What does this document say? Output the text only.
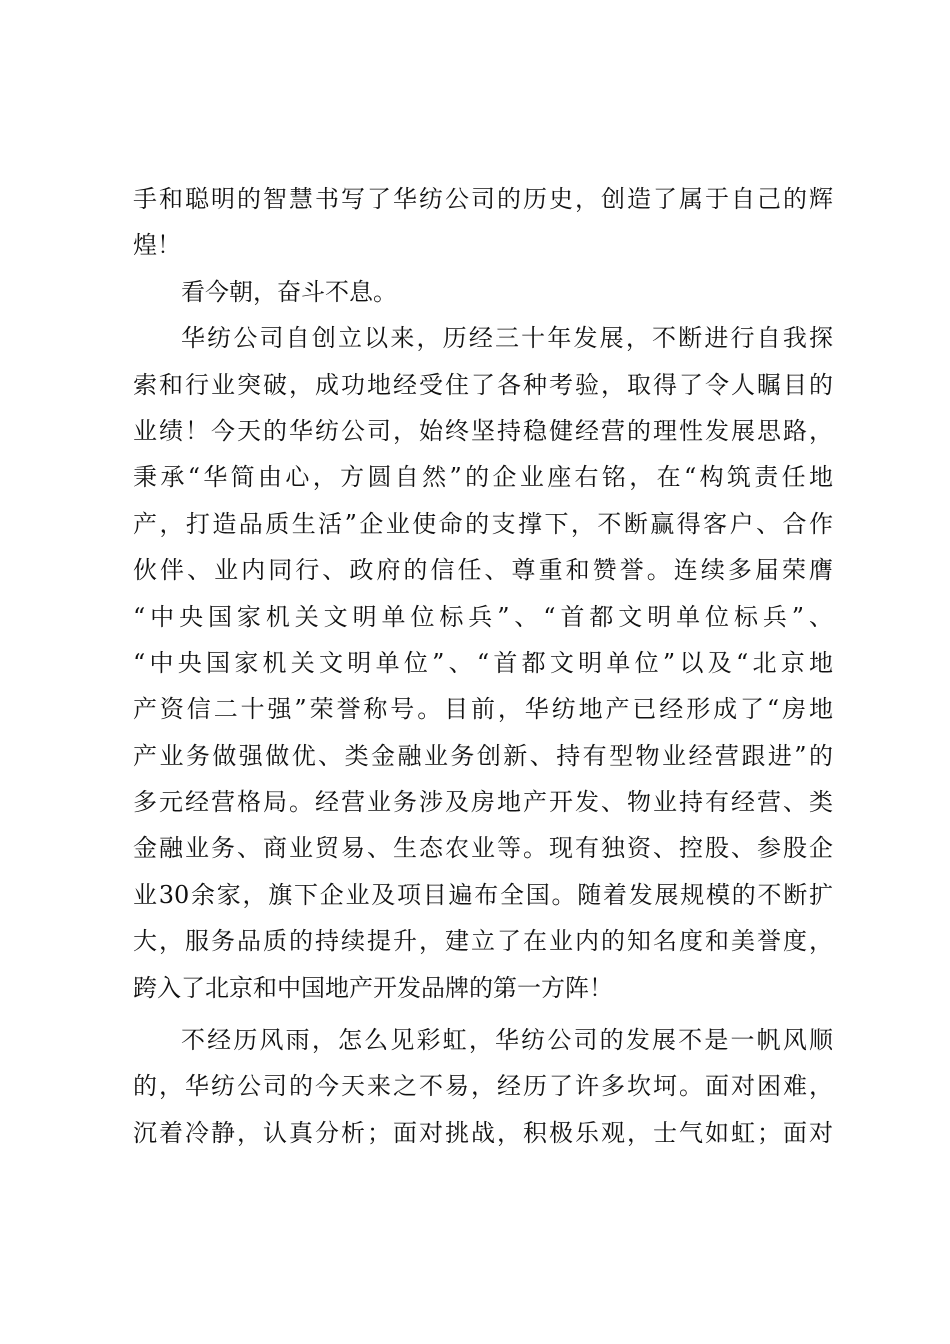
手和聪明的智慧书写了华纺公司的历史，创造了属于自己的辉
煌！
看今朝，奋斗不息。
华纺公司自创立以来，历经三十年发展，不断进行自我探
索和行业突破，成功地经受住了各种考验，取得了令人瞩目的
业绩！今天的华纺公司，始终坚持稳健经营的理性发展思路，
秉承“华简由心，方圆自然”的企业座右铭，在“构筑责任地
产，打造品质生活”企业使命的支撑下，不断赢得客户、合作
伙伴、业内同行、政府的信任、尊重和赞誉。连续多届荣膺
“中央国家机关文明单位标兵”、“首都文明单位标兵”、
“中央国家机关文明单位”、“首都文明单位”以及“北京地
产资信二十强”荣誉称号。目前，华纺地产已经形成了“房地
产业务做强做优、类金融业务创新、持有型物业经营跟进”的
多元经营格局。经营业务涉及房地产开发、物业持有经营、类
金融业务、商业贸易、生态农业等。现有独资、控股、参股企
业30余家，旗下企业及项目遍布全国。随着发展规模的不断扩
大，服务品质的持续提升，建立了在业内的知名度和美誉度，
跨入了北京和中国地产开发品牌的第一方阵！
不经历风雨，怎么见彩虹，华纺公司的发展不是一帆风顺
的，华纺公司的今天来之不易，经历了许多坎坷。面对困难，
沉着冷静，认真分析；面对挑战，积极乐观，士气如虹；面对
